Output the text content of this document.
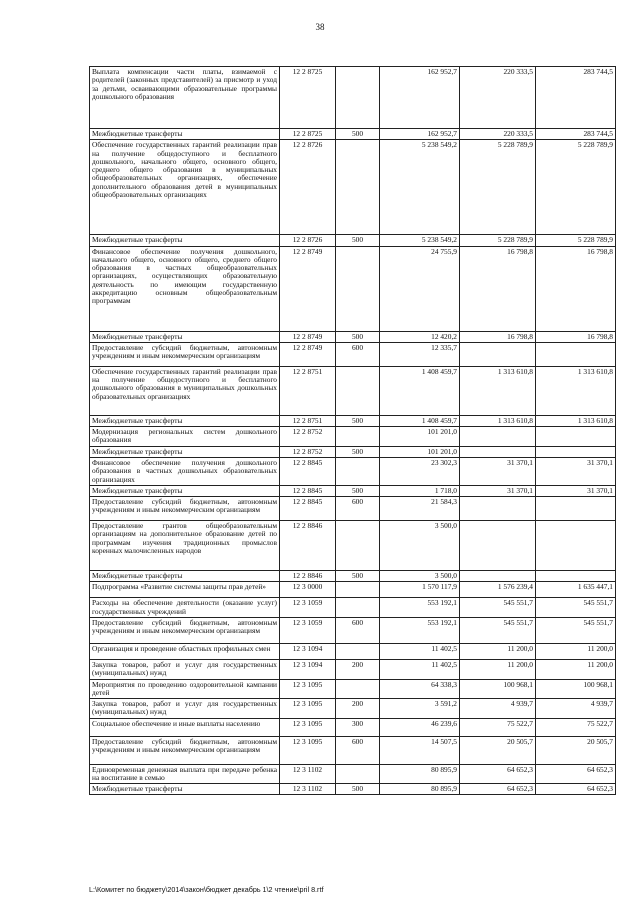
38
Выплата компенсации части платы, взимаемой с родителей (законных представителей) за присмотр и уход за детьми, осваивающими образовательные программы дошкольного образования	12 2 8725		162 952,7	220 333,5	283 744,5

Межбюджетные трансферты	12 2 8725	500	162 952,7	220 333,5	283 744,5

Обеспечение государственных гарантий реализации прав на получение общедоступного и бесплатного дошкольного, начального общего, основного общего, среднего общего образования в муниципальных общеобразовательных организациях, обеспечение дополнительного образования детей в муниципальных общеобразовательных организациях	12 2 8726		5 238 549,2	5 228 789,9	5 228 789,9

Межбюджетные трансферты	12 2 8726	500	5 238 549,2	5 228 789,9	5 228 789,9

Финансовое обеспечение получения дошкольного, начального общего, основного общего, среднего общего образования в частных общеобразовательных организациях, осуществляющих образовательную деятельность по имеющим государственную аккредитацию основным общеобразовательным программам	12 2 8749		24 755,9	16 798,8	16 798,8

Межбюджетные трансферты	12 2 8749	500	12 420,2	16 798,8	16 798,8

Предоставление субсидий бюджетным, автономным учреждениям и иным некоммерческим организациям	12 2 8749	600	12 335,7		

Обеспечение государственных гарантий реализации прав на получение общедоступного и бесплатного дошкольного образования в муниципальных дошкольных образовательных организациях	12 2 8751		1 408 459,7	1 313 610,8	1 313 610,8

Межбюджетные трансферты	12 2 8751	500	1 408 459,7	1 313 610,8	1 313 610,8

Модернизация региональных систем дошкольного образования	12 2 8752		101 201,0		

Межбюджетные трансферты	12 2 8752	500	101 201,0		

Финансовое обеспечение получения дошкольного образования в частных дошкольных образовательных организациях	12 2 8845		23 302,3	31 370,1	31 370,1

Межбюджетные трансферты	12 2 8845	500	1 718,0	31 370,1	31 370,1

Предоставление субсидий бюджетным, автономным учреждениям и иным некоммерческим организациям	12 2 8845	600	21 584,3		

Предоставление грантов общеобразовательным организациям на дополнительное образование детей по программам изучения традиционных промыслов коренных малочисленных народов	12 2 8846		3 500,0		

Межбюджетные трансферты	12 2 8846	500	3 500,0		

Подпрограмма «Развитие системы защиты прав детей»	12 3 0000		1 570 117,9	1 576 239,4	1 635 447,1

Расходы на обеспечение деятельности (оказание услуг) государственных учреждений	12 3 1059		553 192,1	545 551,7	545 551,7

Предоставление субсидий бюджетным, автономным учреждениям и иным некоммерческим организациям	12 3 1059	600	553 192,1	545 551,7	545 551,7

Организация и проведение областных профильных смен	12 3 1094		11 402,5	11 200,0	11 200,0

Закупка товаров, работ и услуг для государственных (муниципальных) нужд	12 3 1094	200	11 402,5	11 200,0	11 200,0

Мероприятия по проведению оздоровительной кампании детей	12 3 1095		64 338,3	100 968,1	100 968,1

Закупка товаров, работ и услуг для государственных (муниципальных) нужд	12 3 1095	200	3 591,2	4 939,7	4 939,7

Социальное обеспечение и иные выплаты населению	12 3 1095	300	46 239,6	75 522,7	75 522,7

Предоставление субсидий бюджетным, автономным учреждениям и иным некоммерческим организациям	12 3 1095	600	14 507,5	20 505,7	20 505,7

Единовременная денежная выплата при передаче ребенка на воспитание в семью	12 3 1102		80 895,9	64 652,3	64 652,3

Межбюджетные трансферты	12 3 1102	500	80 895,9	64 652,3	64 652,3
L:\Комитет по бюджету\2014\закон\бюджет декабрь 1\2 чтение\pril 8.rtf
